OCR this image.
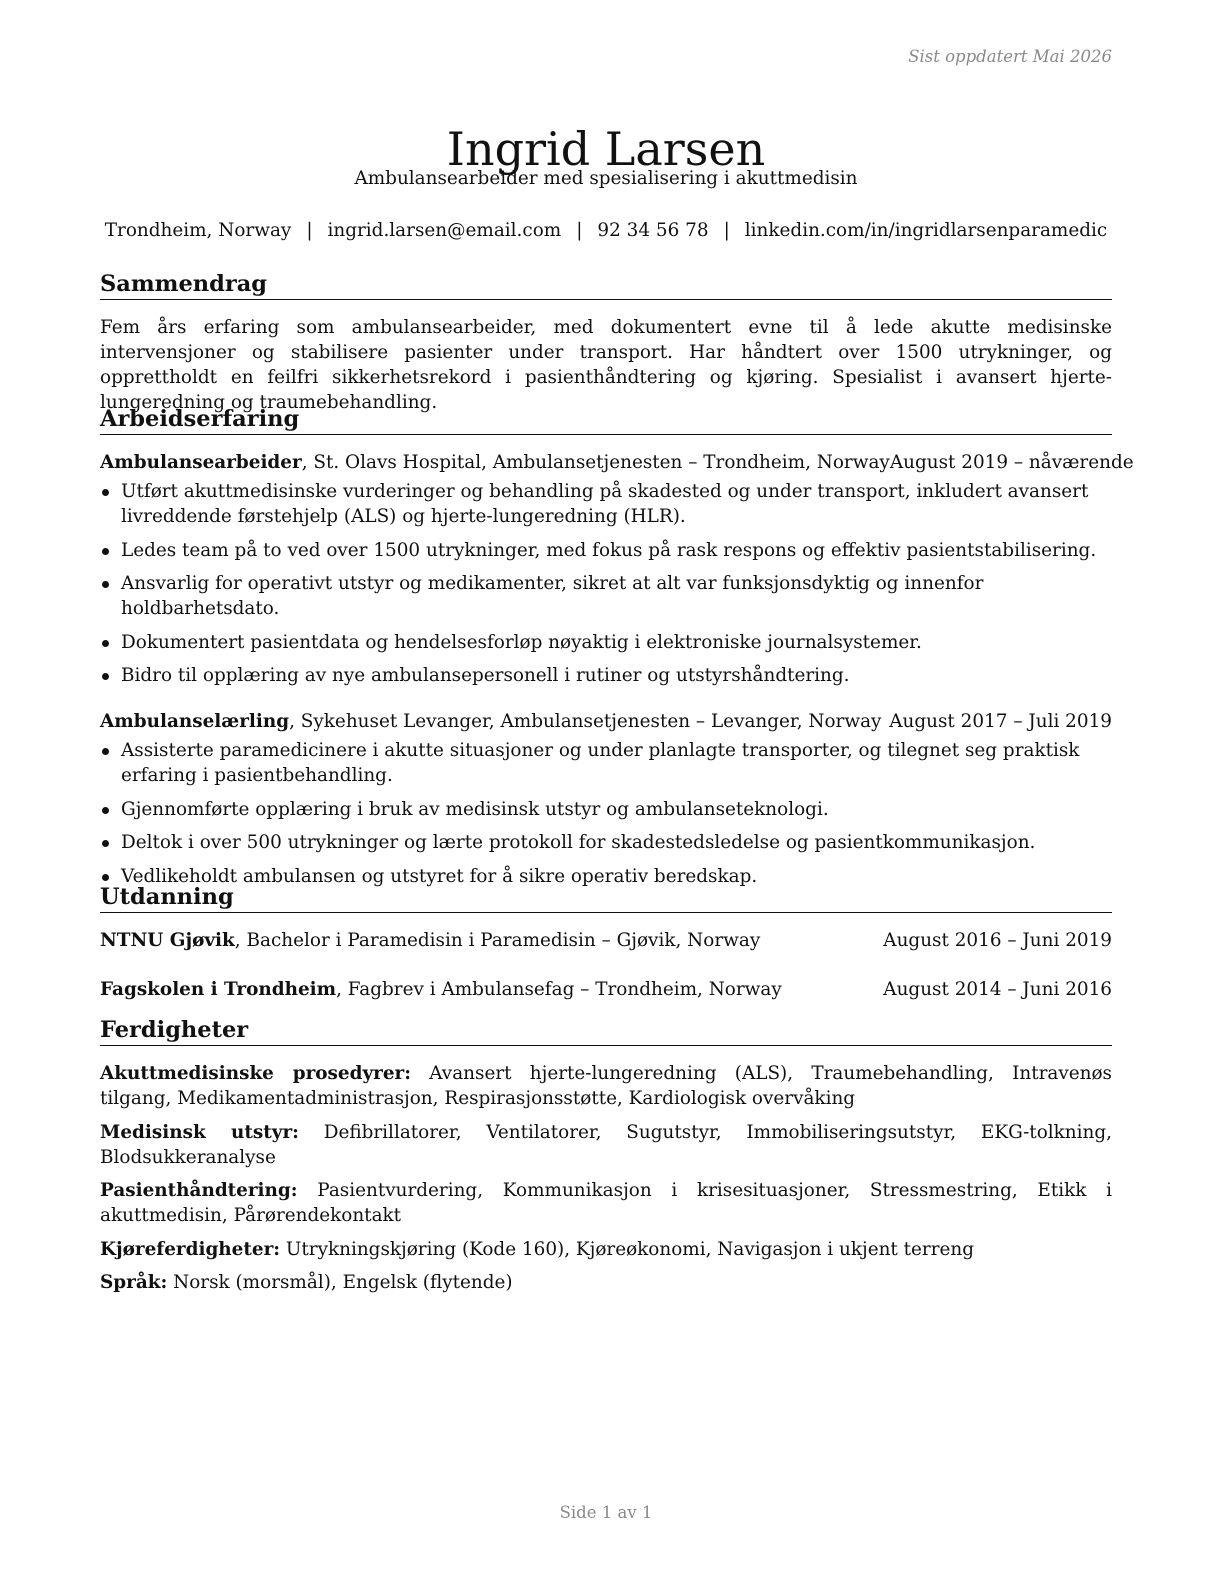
Sist oppdatert Mai 2026
Ingrid Larsen
Ambulansearbeider med spesialisering i akuttmedisin
Trondheim, Norway | ingrid.larsen@email.com | 92 34 56 78 | linkedin.com/in/ingridlarsenparamedic
Sammendrag
Fem års erfaring som ambulansearbeider, med dokumentert evne til å lede akutte medisinske intervensjoner og stabilisere pasienter under transport. Har håndtert over 1500 utrykninger, og opprettholdt en feilfri sikkerhetsrekord i pasienthåndtering og kjøring. Spesialist i avansert hjerte-lungeredning og traumebehandling.
Arbeidserfaring
Ambulansearbeider, St. Olavs Hospital, Ambulansetjenesten – Trondheim, Norway August 2019 – nåværende
Utført akuttmedisinske vurderinger og behandling på skadested og under transport, inkludert avansert livreddende førstehjelp (ALS) og hjerte-lungeredning (HLR).
Ledes team på to ved over 1500 utrykninger, med fokus på rask respons og effektiv pasientstabilisering.
Ansvarlig for operativt utstyr og medikamenter, sikret at alt var funksjonsdyktig og innenfor holdbarhetsdato.
Dokumentert pasientdata og hendelsesforløp nøyaktig i elektroniske journalsystemer.
Bidro til opplæring av nye ambulansepersonell i rutiner og utstyrshåndtering.
Ambulanselærling, Sykehuset Levanger, Ambulansetjenesten – Levanger, Norway August 2017 – Juli 2019
Assisterte paramedicinere i akutte situasjoner og under planlagte transporter, og tilegnet seg praktisk erfaring i pasientbehandling.
Gjennomførte opplæring i bruk av medisinsk utstyr og ambulanseteknologi.
Deltok i over 500 utrykninger og lærte protokoll for skadestedsledelse og pasientkommunikasjon.
Vedlikeholdt ambulansen og utstyret for å sikre operativ beredskap.
Utdanning
NTNU Gjøvik, Bachelor i Paramedisin i Paramedisin – Gjøvik, Norway	August 2016 – Juni 2019
Fagskolen i Trondheim, Fagbrev i Ambulansefag – Trondheim, Norway	August 2014 – Juni 2016
Ferdigheter
Akuttmedisinske prosedyrer: Avansert hjerte-lungeredning (ALS), Traumebehandling, Intravenøs tilgang, Medikamentadministrasjon, Respirasjonsstøtte, Kardiologisk overvåking
Medisinsk utstyr: Defibrillatorer, Ventilatorer, Sugutstyr, Immobiliseringsutstyr, EKG-tolkning, Blodsukkeranalyse
Pasienthåndtering: Pasientvurdering, Kommunikasjon i krisesituasjoner, Stressmestring, Etikk i akuttmedisin, Pårørendekontakt
Kjøreferdigheter: Utrykningskjøring (Kode 160), Kjøreøkonomi, Navigasjon i ukjent terreng
Språk: Norsk (morsmål), Engelsk (flytende)
Side 1 av 1
